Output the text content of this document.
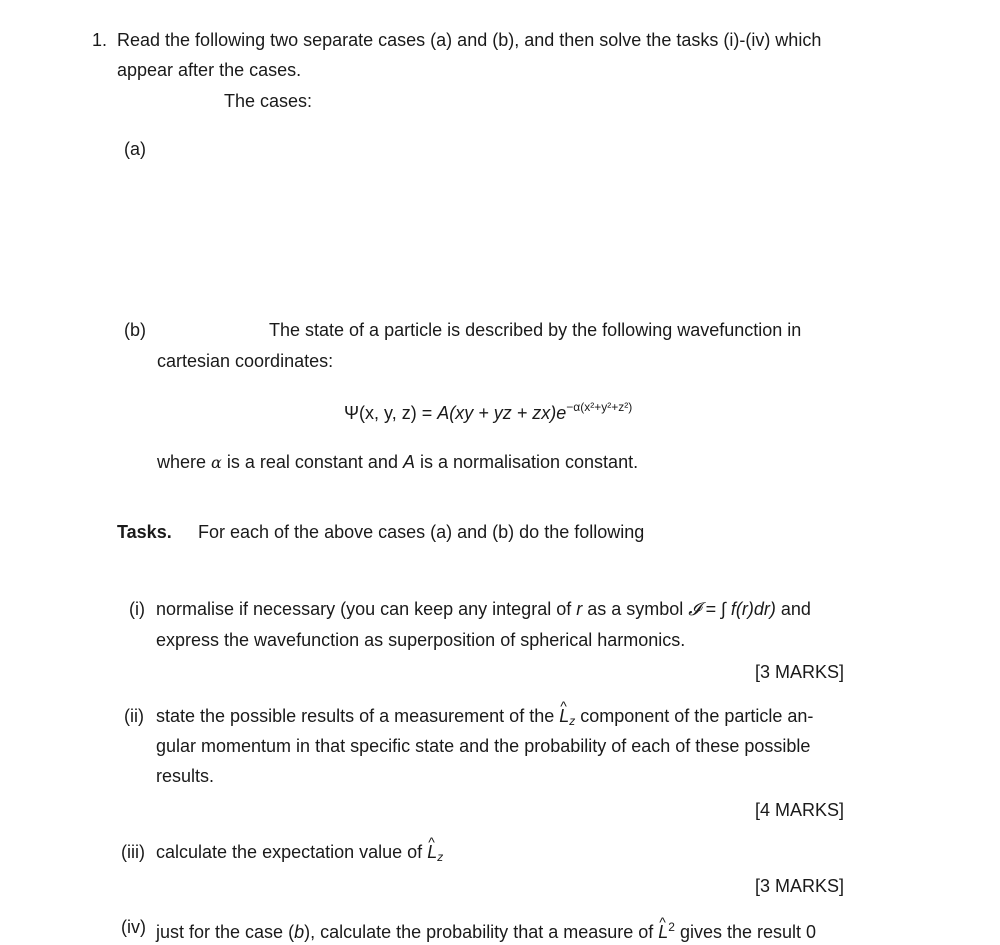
1. Read the following two separate cases (a) and (b), and then solve the tasks (i)-(iv) which
appear after the cases.
The cases:
(a)
(b)	The state of a particle is described by the following wavefunction in
cartesian coordinates:
Ψ(x, y, z) = A(xy + yz + $zx)e^{-\alpha(x^2+y^2+z^2)}$
where α is a real constant and A is a normalisation constant.
Tasks. For each of the above cases (a) and (b) do the following
(i) normalise if necessary (you can keep any integral of r as a symbol 𝓘 = ∫ f(r)dr) and
express the wavefunction as superposition of spherical harmonics.
[3 MARKS]
(ii) state the possible results of a measurement of the ^ $L_z$ component of the particle an-
gular momentum in that specific state and the probability of each of these possible
results.
[4 MARKS]
(iii) calculate the expectation value of ^ $L_z$
[3 MARKS]
(iv) just for the case (b), calculate the probability that a measure of ^ $L^2$ gives the result 0
